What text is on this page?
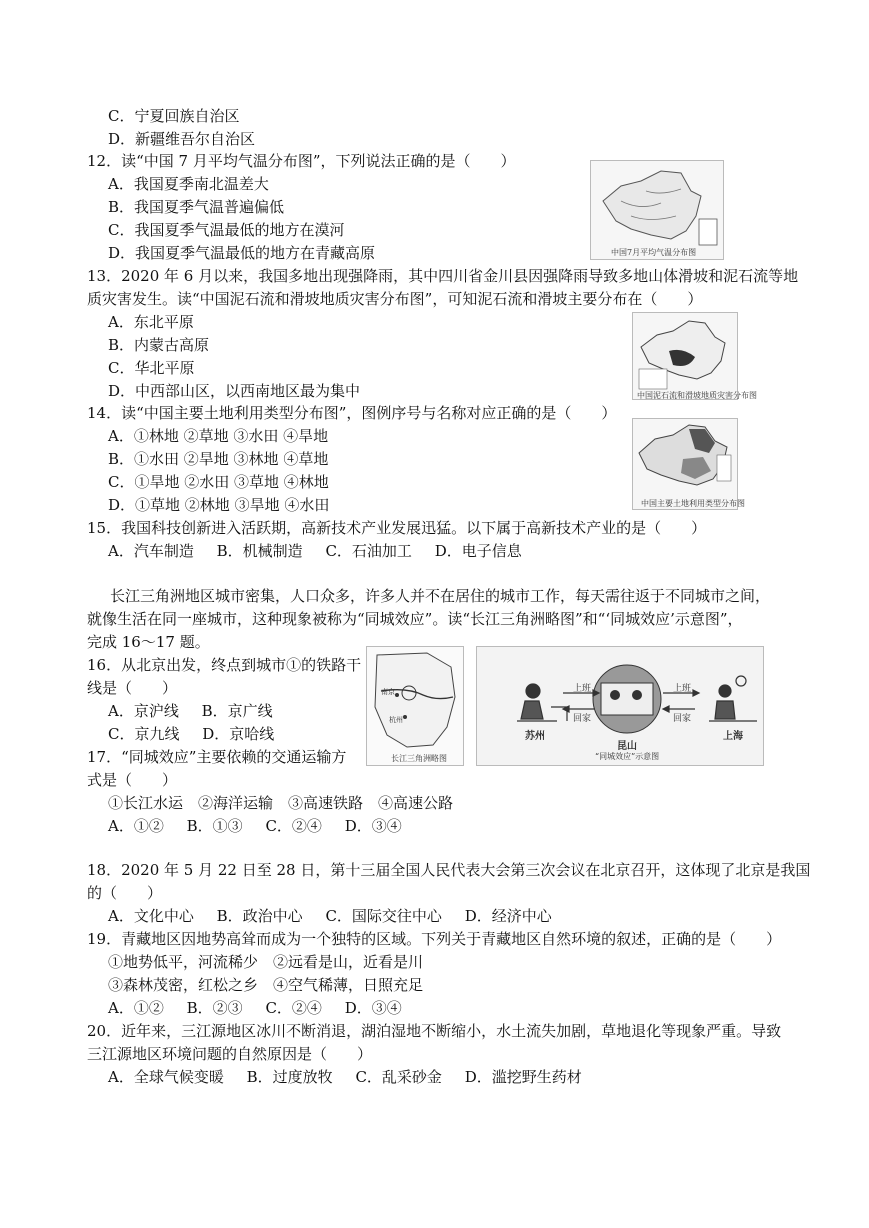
C．宁夏回族自治区
D．新疆维吾尔自治区
12．读“中国 7 月平均气温分布图”，下列说法正确的是（　　）
A．我国夏季南北温差大
B．我国夏季气温普遍偏低
C．我国夏季气温最低的地方在漠河
D．我国夏季气温最低的地方在青藏高原	中国7月平均气温分布图
13．2020 年 6 月以来，我国多地出现强降雨，其中四川省金川县因强降雨导致多地山体滑坡和泥石流等地
质灾害发生。读“中国泥石流和滑坡地质灾害分布图”，可知泥石流和滑坡主要分布在（　　）
A．东北平原
B．内蒙古高原
C．华北平原
D．中西部山区，以西南地区最为集中	中国泥石流和滑坡地质灾害分布图
14．读“中国主要土地利用类型分布图”，图例序号与名称对应正确的是（　　）
A．①林地 ②草地 ③水田 ④旱地
B．①水田 ②旱地 ③林地 ④草地
C．①旱地 ②水田 ③草地 ④林地
D．①草地 ②林地 ③旱地 ④水田	中国主要土地利用类型分布图
15．我国科技创新进入活跃期，高新技术产业发展迅猛。以下属于高新技术产业的是（　　）
A．汽车制造 B．机械制造 C．石油加工 D．电子信息
长江三角洲地区城市密集，人口众多，许多人并不在居住的城市工作，每天需往返于不同城市之间，
就像生活在同一座城市，这种现象被称为“同城效应”。读“长江三角洲略图”和“‘同城效应’示意图”，
完成 16～17 题。
16．从北京出发，终点到城市①的铁路干
线是（　　）
A．京沪线 B．京广线
C．京九线 D．京哈线
南京
杭州
长江三角洲略图
上班
回家
上班
回家
苏州
昆山
上海
“同城效应”示意图
17．“同城效应”主要依赖的交通运输方
式是（　　）
①长江水运　②海洋运输　③高速铁路　④高速公路
A．①② B．①③ C．②④ D．③④
18．2020 年 5 月 22 日至 28 日，第十三届全国人民代表大会第三次会议在北京召开，这体现了北京是我国
的（　　）
A．文化中心 B．政治中心 C．国际交往中心 D．经济中心
19．青藏地区因地势高耸而成为一个独特的区域。下列关于青藏地区自然环境的叙述，正确的是（　　）
①地势低平，河流稀少　②远看是山，近看是川
③森林茂密，红松之乡　④空气稀薄，日照充足
A．①② B．②③ C．②④ D．③④
20．近年来，三江源地区冰川不断消退，湖泊湿地不断缩小，水土流失加剧，草地退化等现象严重。导致
三江源地区环境问题的自然原因是（　　）
A．全球气候变暖 B．过度放牧 C．乱采砂金 D．滥挖野生药材
